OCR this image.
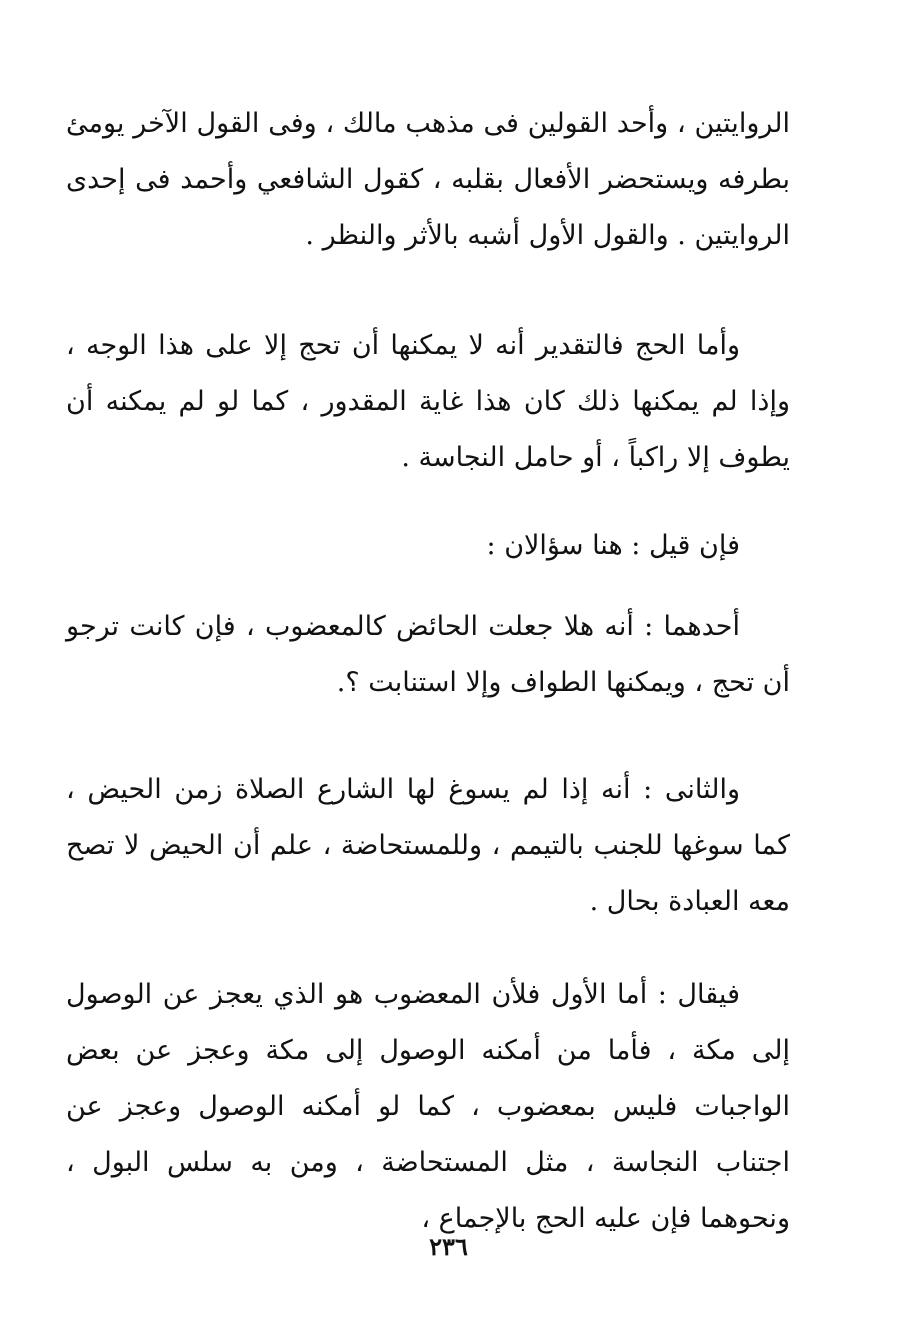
الروايتين ، وأحد القولين فى مذهب مالك ، وفى القول الآخر يومئ بطرفه ويستحضر الأفعال بقلبه ، كقول الشافعي وأحمد فى إحدى الروايتين . والقول الأول أشبه بالأثر والنظر .

وأما الحج فالتقدير أنه لا يمكنها أن تحج إلا على هذا الوجه ، وإذا لم يمكنها ذلك كان هذا غاية المقدور ، كما لو لم يمكنه أن يطوف إلا راكباً ، أو حامل النجاسة .

فإن قيل : هنا سؤالان :

أحدهما : أنه هلا جعلت الحائض كالمعضوب ، فإن كانت ترجو أن تحج ، ويمكنها الطواف وإلا استنابت ؟.

والثانى : أنه إذا لم يسوغ لها الشارع الصلاة زمن الحيض ، كما سوغها للجنب بالتيمم ، وللمستحاضة ، علم أن الحيض لا تصح معه العبادة بحال .

فيقال : أما الأول فلأن المعضوب هو الذي يعجز عن الوصول إلى مكة ، فأما من أمكنه الوصول إلى مكة وعجز عن بعض الواجبات فليس بمعضوب ، كما لو أمكنه الوصول وعجز عن اجتناب النجاسة ، مثل المستحاضة ، ومن به سلس البول ، ونحوهما فإن عليه الحج بالإجماع ،

٢٣٦
